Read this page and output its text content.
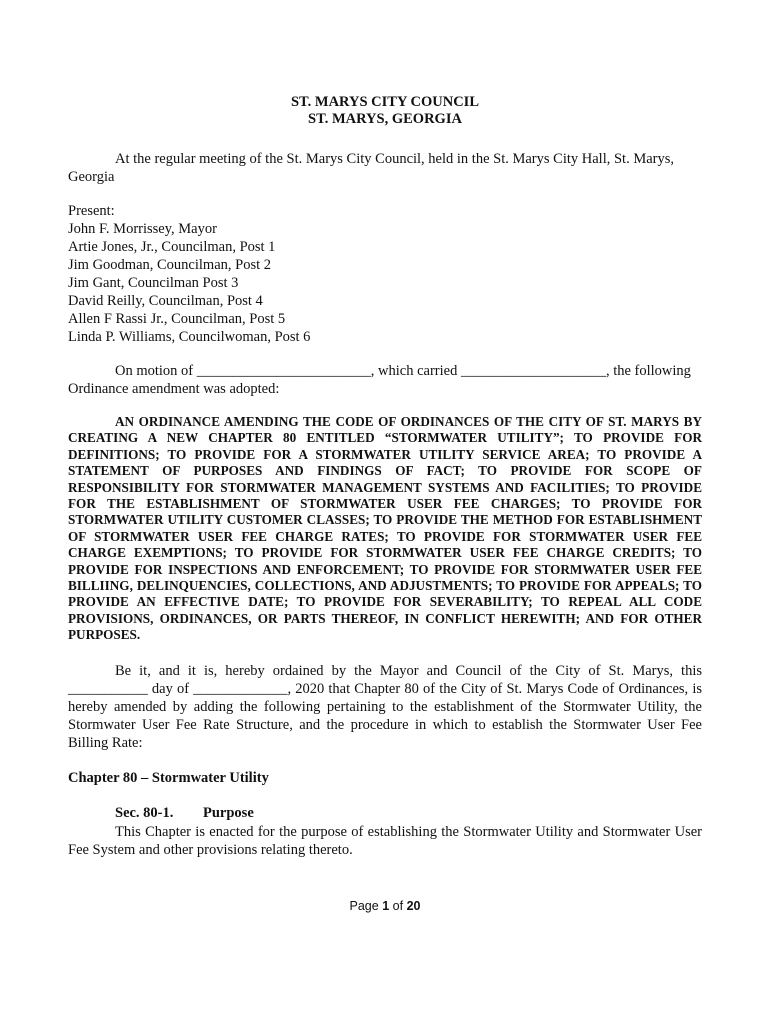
ST. MARYS CITY COUNCIL
ST. MARYS, GEORGIA
At the regular meeting of the St. Marys City Council, held in the St. Marys City Hall, St. Marys, Georgia
Present:
John F. Morrissey, Mayor
Artie Jones, Jr., Councilman, Post 1
Jim Goodman, Councilman, Post 2
Jim Gant, Councilman Post 3
David Reilly, Councilman, Post 4
Allen F Rassi Jr., Councilman, Post 5
Linda P. Williams, Councilwoman, Post 6
On motion of ________________________, which carried ____________________, the following Ordinance amendment was adopted:
AN ORDINANCE AMENDING THE CODE OF ORDINANCES OF THE CITY OF ST. MARYS BY CREATING A NEW CHAPTER 80 ENTITLED “STORMWATER UTILITY”; TO PROVIDE FOR DEFINITIONS; TO PROVIDE FOR A STORMWATER UTILITY SERVICE AREA; TO PROVIDE A STATEMENT OF PURPOSES AND FINDINGS OF FACT; TO PROVIDE FOR SCOPE OF RESPONSIBILITY FOR STORMWATER MANAGEMENT SYSTEMS AND FACILITIES; TO PROVIDE FOR THE ESTABLISHMENT OF STORMWATER USER FEE CHARGES; TO PROVIDE FOR STORMWATER UTILITY CUSTOMER CLASSES; TO PROVIDE THE METHOD FOR ESTABLISHMENT OF STORMWATER USER FEE CHARGE RATES; TO PROVIDE FOR STORMWATER USER FEE CHARGE EXEMPTIONS; TO PROVIDE FOR STORMWATER USER FEE CHARGE CREDITS; TO PROVIDE FOR INSPECTIONS AND ENFORCEMENT; TO PROVIDE FOR STORMWATER USER FEE BILLIING, DELINQUENCIES, COLLECTIONS, AND ADJUSTMENTS; TO PROVIDE FOR APPEALS; TO PROVIDE AN EFFECTIVE DATE; TO PROVIDE FOR SEVERABILITY; TO REPEAL ALL CODE PROVISIONS, ORDINANCES, OR PARTS THEREOF, IN CONFLICT HEREWITH; AND FOR OTHER PURPOSES.
Be it, and it is, hereby ordained by the Mayor and Council of the City of St. Marys, this
___________ day of _____________, 2020 that Chapter 80 of the City of St. Marys Code of Ordinances, is hereby amended by adding the following pertaining to the establishment of the Stormwater Utility, the Stormwater User Fee Rate Structure, and the procedure in which to establish the Stormwater User Fee Billing Rate:
Chapter 80 – Stormwater Utility
Sec. 80-1. Purpose
This Chapter is enacted for the purpose of establishing the Stormwater Utility and Stormwater User Fee System and other provisions relating thereto.
Page 1 of 20
